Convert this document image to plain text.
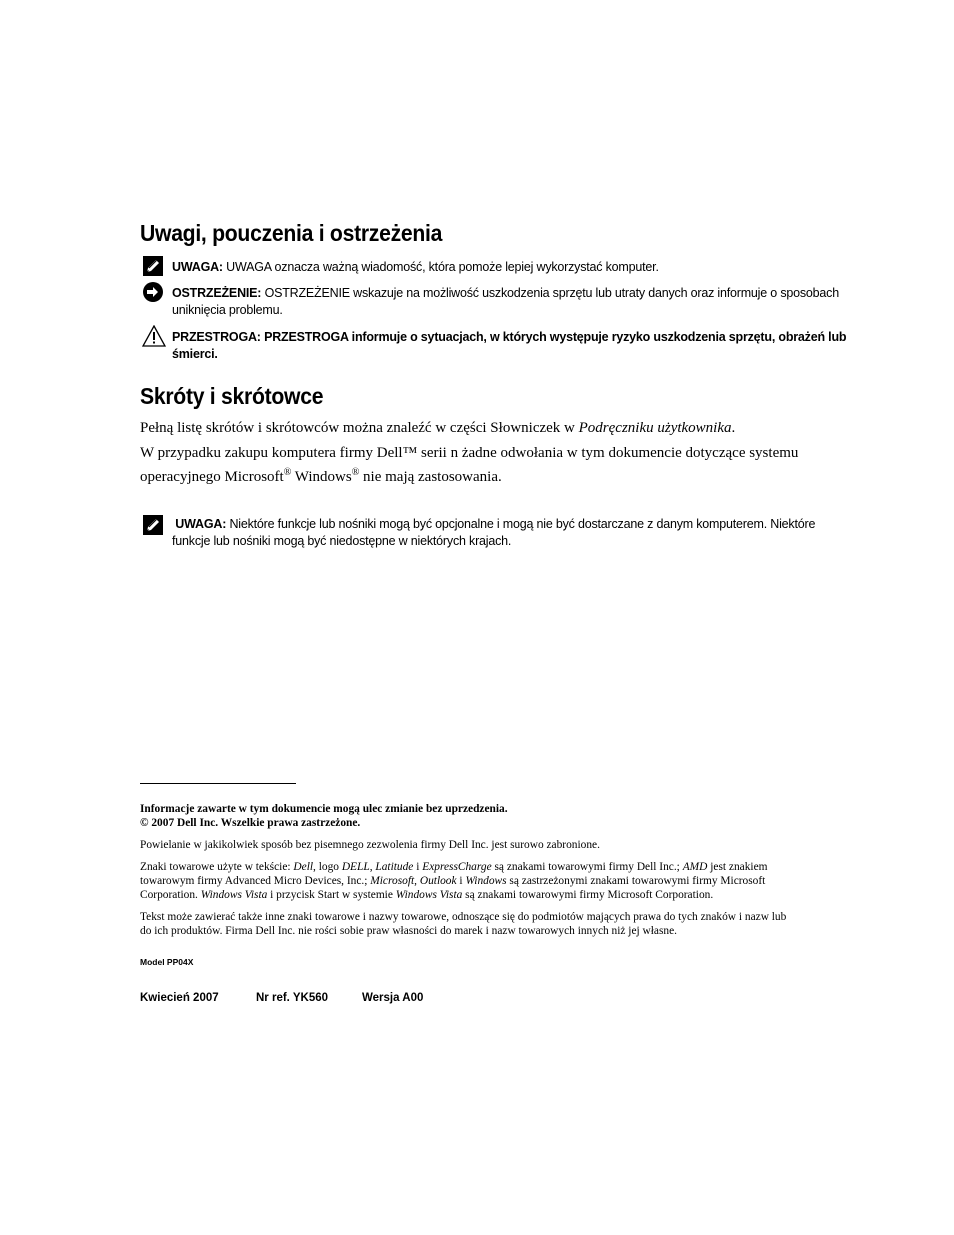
Uwagi, pouczenia i ostrzeżenia
UWAGA: UWAGA oznacza ważną wiadomość, która pomoże lepiej wykorzystać komputer.
OSTRZEŻENIE: OSTRZEŻENIE wskazuje na możliwość uszkodzenia sprzętu lub utraty danych oraz informuje o sposobach
uniknięcia problemu.
PRZESTROGA: PRZESTROGA informuje o sytuacjach, w których występuje ryzyko uszkodzenia sprzętu, obrażeń lub
śmierci.
Skróty i skrótowce
Pełną listę skrótów i skrótowców można znaleźć w części Słowniczek w Podręczniku użytkownika.
W przypadku zakupu komputera firmy Dell™ serii n żadne odwołania w tym dokumencie dotyczące systemu
operacyjnego Microsoft® Windows® nie mają zastosowania.
UWAGA: Niektóre funkcje lub nośniki mogą być opcjonalne i mogą nie być dostarczane z danym komputerem. Niektóre
funkcje lub nośniki mogą być niedostępne w niektórych krajach.
Informacje zawarte w tym dokumencie mogą ulec zmianie bez uprzedzenia.
© 2007 Dell Inc. Wszelkie prawa zastrzeżone.
Powielanie w jakikolwiek sposób bez pisemnego zezwolenia firmy Dell Inc. jest surowo zabronione.
Znaki towarowe użyte w tekście: Dell, logo DELL, Latitude i ExpressCharge są znakami towarowymi firmy Dell Inc.; AMD jest znakiem
towarowym firmy Advanced Micro Devices, Inc.; Microsoft, Outlook i Windows są zastrzeżonymi znakami towarowymi firmy Microsoft
Corporation. Windows Vista i przycisk Start w systemie Windows Vista są znakami towarowymi firmy Microsoft Corporation.
Tekst może zawierać także inne znaki towarowe i nazwy towarowe, odnoszące się do podmiotów mających prawa do tych znaków i nazw lub
do ich produktów. Firma Dell Inc. nie rości sobie praw własności do marek i nazw towarowych innych niż jej własne.
Model PP04X
Kwiecień 2007	Nr ref. YK560	Wersja A00
